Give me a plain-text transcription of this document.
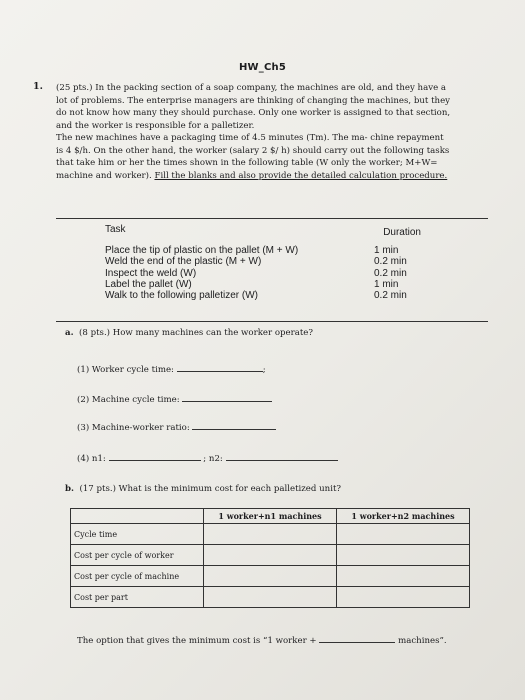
HW_Ch5
1. (25 pts.) In the packing section of a soap company, the machines are old, and they have a

lot of problems. The enterprise managers are thinking of changing the machines, but they

do not know how many they should purchase. Only one worker is assigned to that section,

and the worker is responsible for a palletizer.

The new machines have a packaging time of 4.5 minutes (Tm). The ma- chine repayment

is 4 $/h. On the other hand, the worker (salary 2 $/ h) should carry out the following tasks

that take him or her the times shown in the following table (W only the worker; M+W=

machine and worker). Fill the blanks and also provide the detailed calculation procedure.

Task	Duration
Place the tip of plastic on the pallet (M + W)	1 min
Weld the end of the plastic (M + W)	0.2 min
Inspect the weld (W)	0.2 min
Label the pallet (W)	1 min
Walk to the following palletizer (W)	0.2 min
a. (8 pts.) How many machines can the worker operate?
(1) Worker cycle time:	;
(2) Machine cycle time:
(3) Machine-worker ratio:
(4) n1:	; n2:
b. (17 pts.) What is the minimum cost for each palletized unit?
	1 worker+n1 machines	1 worker+n2 machines
Cycle time		
Cost per cycle of worker		
Cost per cycle of machine		
Cost per part		
The option that gives the minimum cost is “1 worker +	machines”.
